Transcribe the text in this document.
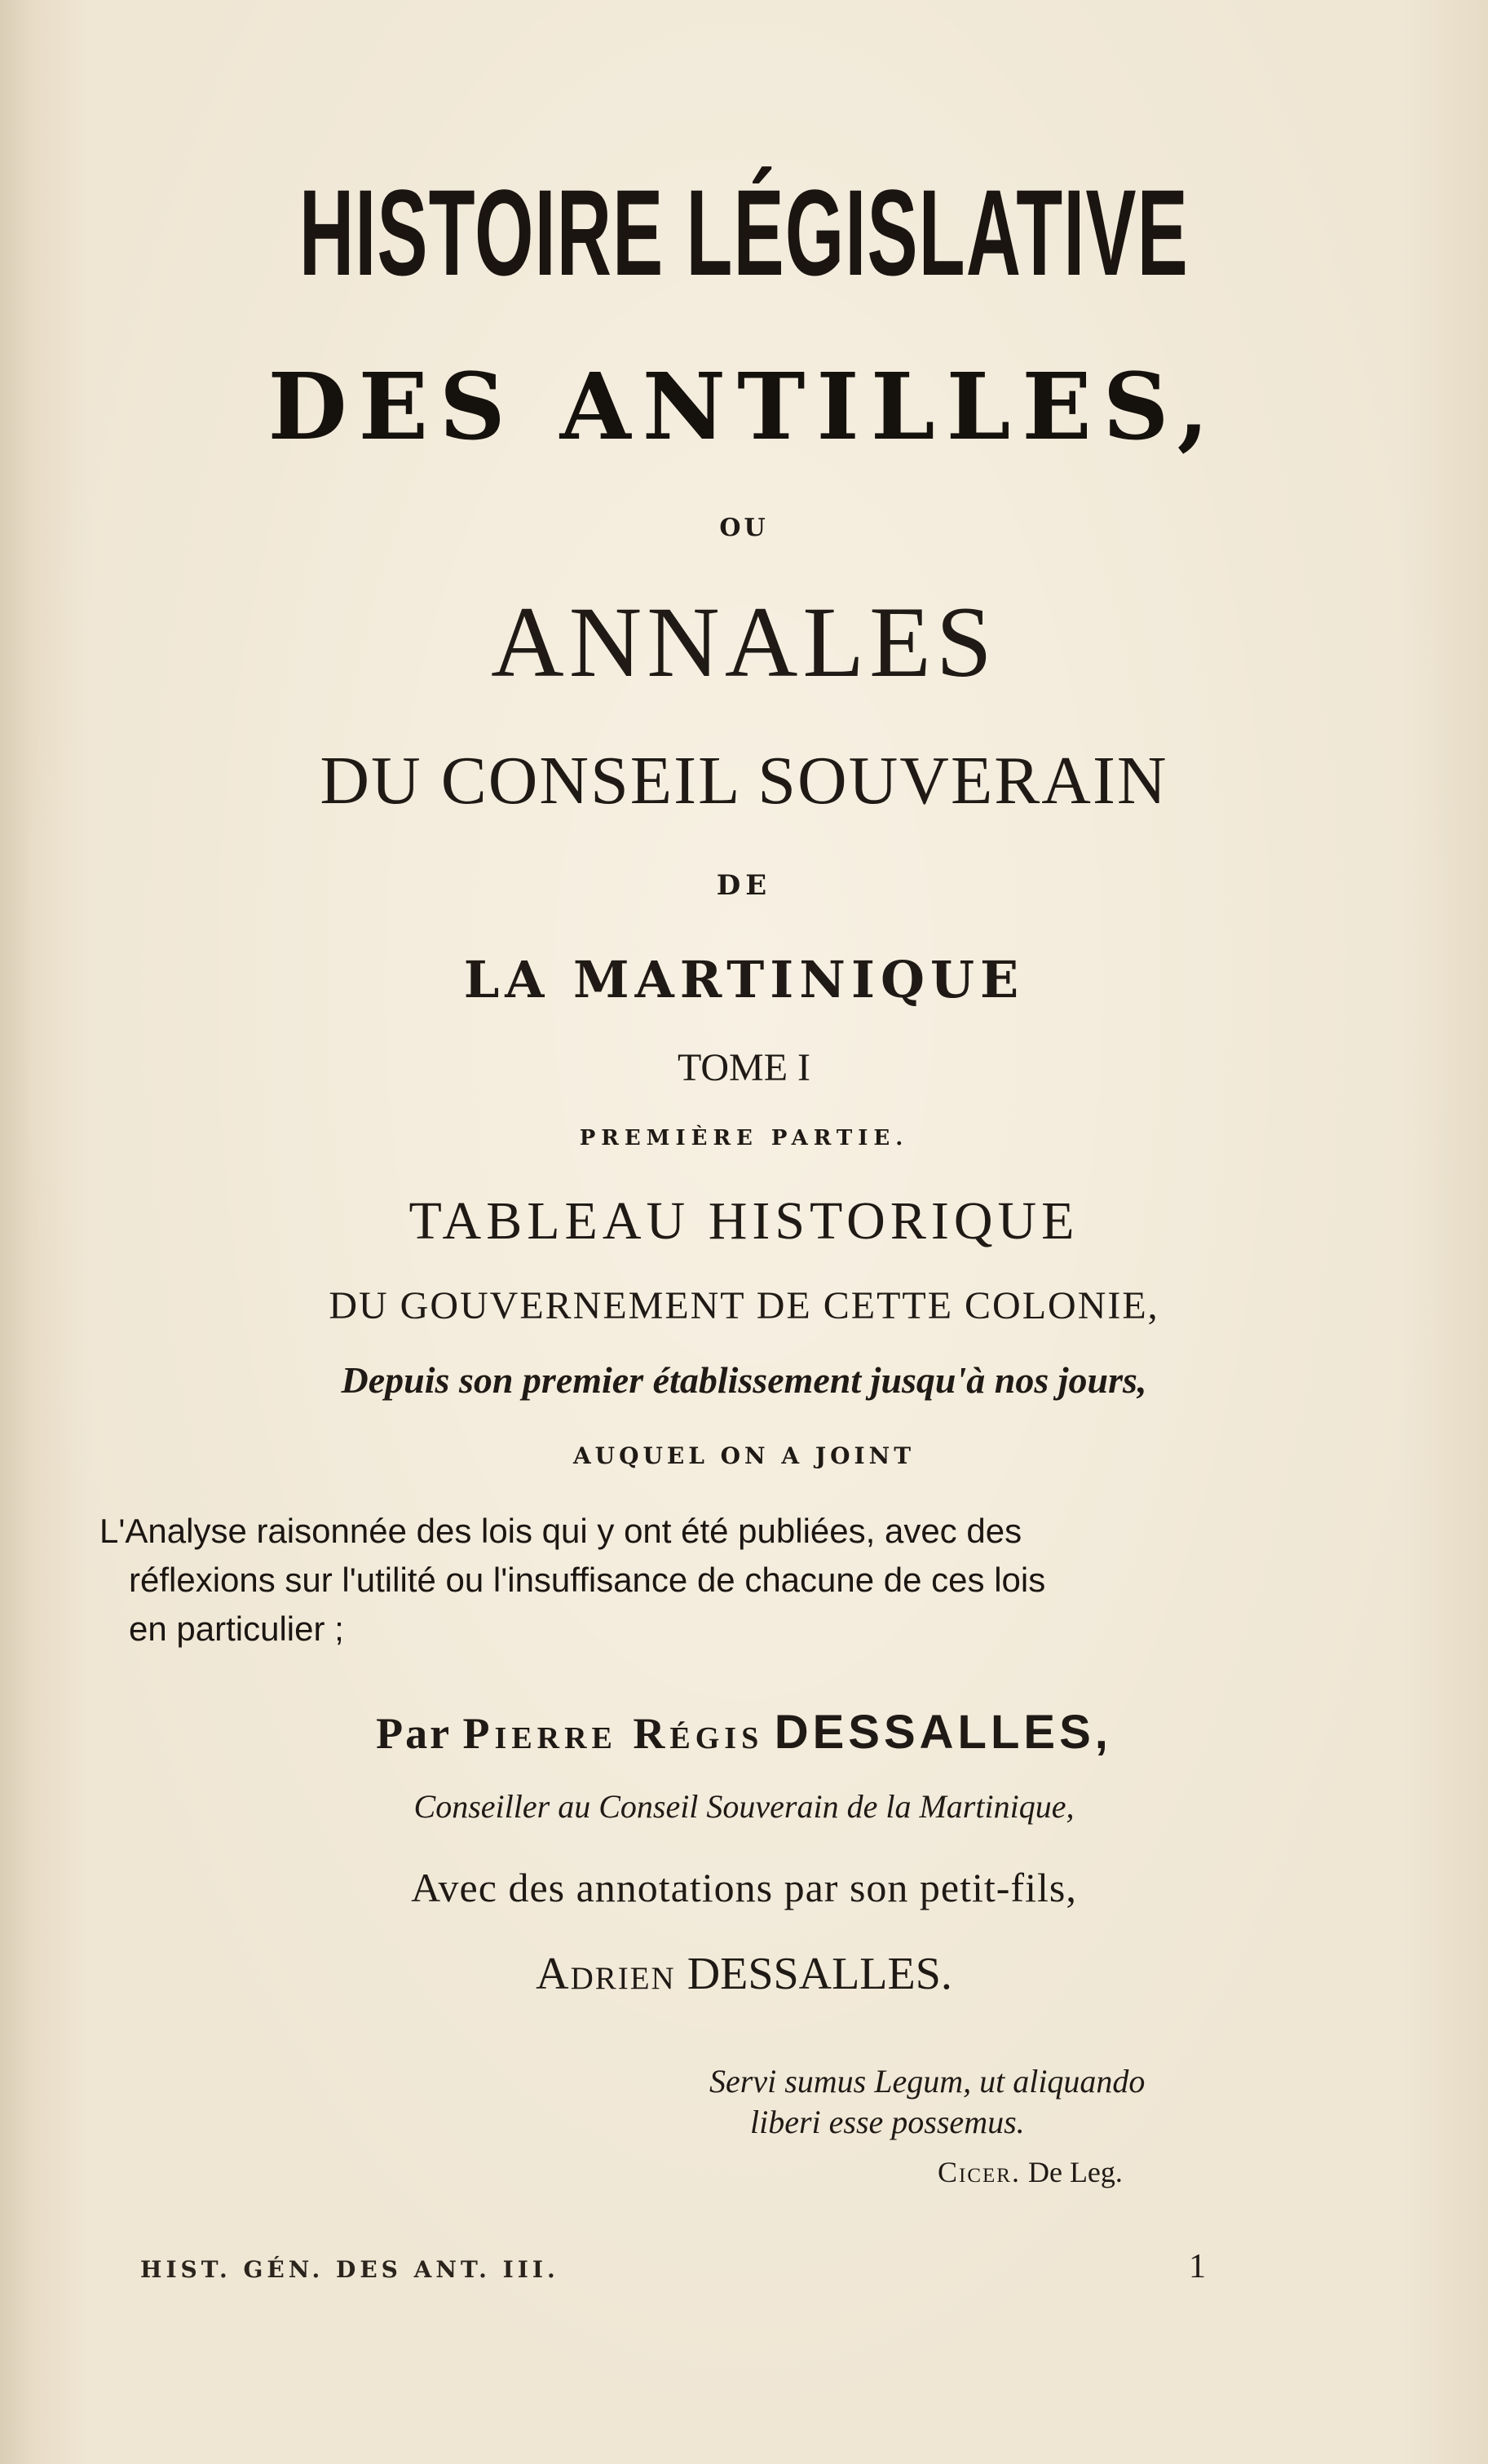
HISTOIRE LÉGISLATIVE
DES ANTILLES,
OU
ANNALES
DU CONSEIL SOUVERAIN
DE
LA MARTINIQUE
TOME I
PREMIÈRE PARTIE.
TABLEAU HISTORIQUE
DU GOUVERNEMENT DE CETTE COLONIE,
Depuis son premier établissement jusqu'à nos jours,
AUQUEL ON A JOINT
L'Analyse raisonnée des lois qui y ont été publiées, avec des
réflexions sur l'utilité ou l'insuffisance de chacune de ces lois
en particulier ;
Par Pierre Régis DESSALLES,
Conseiller au Conseil Souverain de la Martinique,
Avec des annotations par son petit-fils,
Adrien DESSALLES.
Servi sumus Legum, ut aliquando
liberi esse possemus.
Cicer. De Leg.
HIST. GÉN. DES ANT. III.	1
